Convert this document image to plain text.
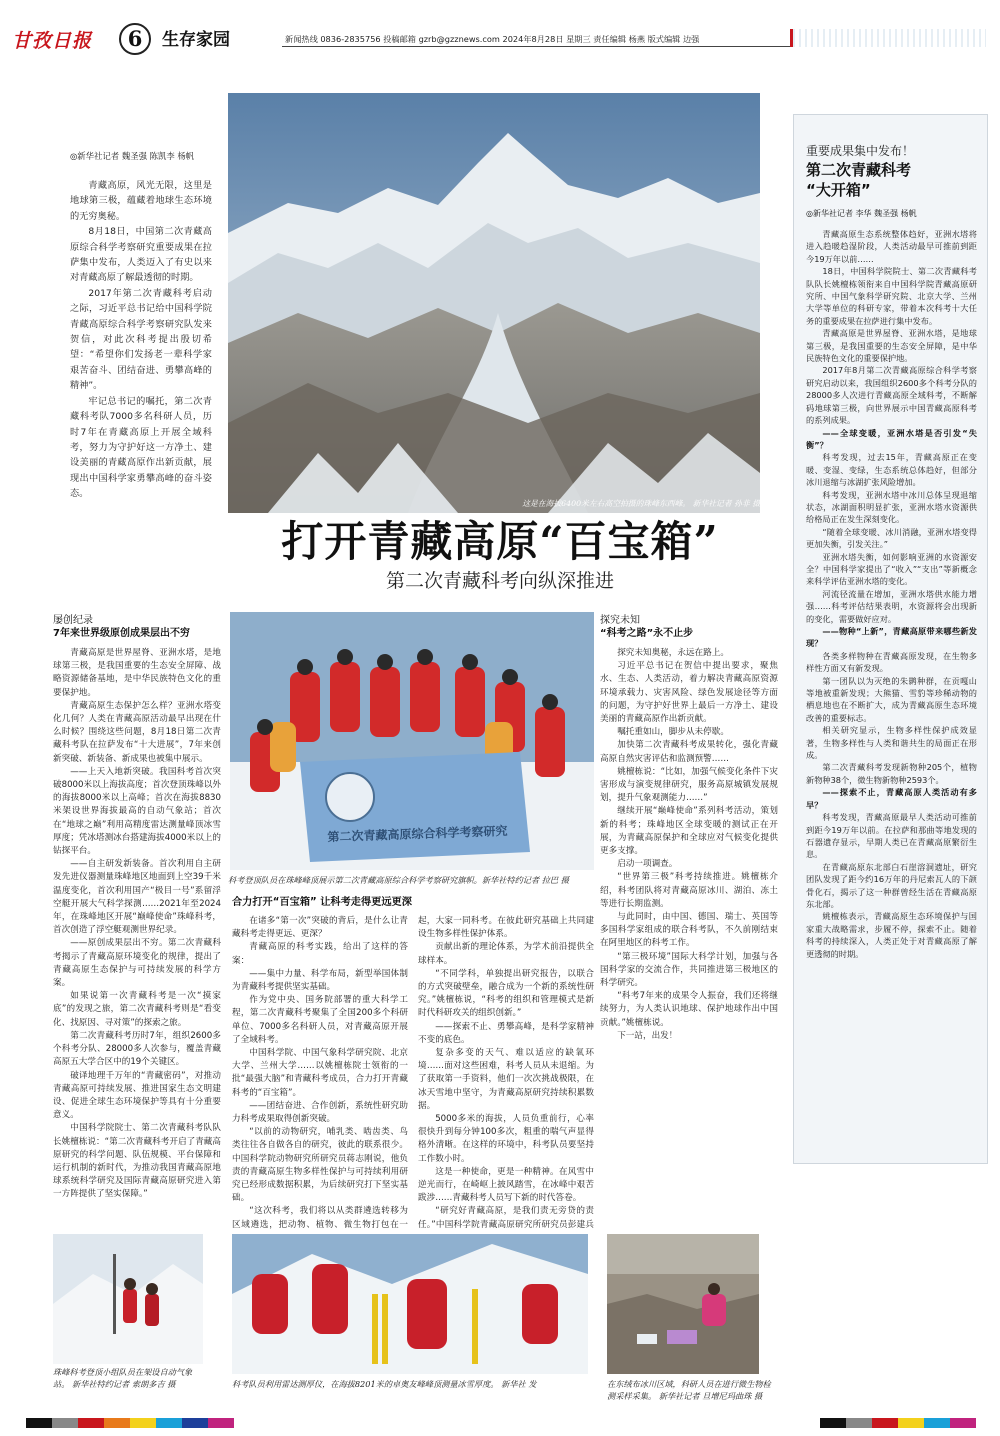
甘孜日报	6	生存家园	新闻热线 0836-2835756 投稿邮箱 gzrb@gzznews.com 2024年8月28日 星期三 责任编辑 杨燕 版式编辑 边强
◎新华社记者 魏圣强 陈凯李 杨帆

青藏高原，风光无限，这里是地球第三极，蕴藏着地球生态环境的无穷奥秘。

8月18日，中国第二次青藏高原综合科学考察研究重要成果在拉萨集中发布，人类迈入了有史以来对青藏高原了解最透彻的时期。

2017年第二次青藏科考启动之际，习近平总书记给中国科学院青藏高原综合科学考察研究队发来贺信，对此次科考提出殷切希望：“希望你们发扬老一辈科学家艰苦奋斗、团结奋进、勇攀高峰的精神”。

牢记总书记的嘱托，第二次青藏科考队7000多名科研人员，历时7年在青藏高原上开展全域科考，努力为守护好这一方净土、建设美丽的青藏高原作出新贡献，展现出中国科学家勇攀高峰的奋斗姿态。

这是在海拔6400米左右高空拍摄的珠峰东西峰。 新华社记者 孙非 摄
打开青藏高原“百宝箱”
第二次青藏科考向纵深推进
重要成果集中发布！
第二次青藏科考
“大开箱”
◎新华社记者 李华 魏圣强 杨帆

青藏高原生态系统整体趋好，亚洲水塔将进入趋暖趋湿阶段，人类活动最早可推前到距今19万年以前……

18日，中国科学院院士、第二次青藏科考队队长姚檀栋领衔来自中国科学院青藏高原研究所、中国气象科学研究院、北京大学、兰州大学等单位的科研专家，带着本次科考十大任务的重要成果在拉萨进行集中发布。

青藏高原是世界屋脊、亚洲水塔，是地球第三极，是我国重要的生态安全屏障，是中华民族特色文化的重要保护地。

2017年8月第二次青藏高原综合科学考察研究启动以来，我国组织2600多个科考分队的28000多人次进行青藏高原全域科考，不断解码地球第三极，向世界展示中国青藏高原科考的系列成果。

——全球变暖，亚洲水塔是否引发“失衡”？

科考发现，过去15年，青藏高原正在变暖、变湿、变绿，生态系统总体趋好，但部分冰川退缩与冰湖扩张风险增加。

科考发现，亚洲水塔中冰川总体呈现退缩状态，冰湖面积明显扩张，亚洲水塔水资源供给格局正在发生深刻变化。

“随着全球变暖、冰川消融，亚洲水塔变得更加失衡，引发关注。”

亚洲水塔失衡，如何影响亚洲的水资源安全？中国科学家提出了“收入”“支出”等新概念来科学评估亚洲水塔的变化。

河流径流量在增加，亚洲水塔供水能力增强……科考评估结果表明，水资源将会出现新的变化，需要做好应对。

——物种“上新”，青藏高原带来哪些新发现？

各类多样物种在青藏高原发现，在生物多样性方面又有新发现。

第一团队以为灭绝的朱鹮种群，在贡嘎山等地被重新发现；大熊猫、雪豹等珍稀动物的栖息地也在不断扩大，成为青藏高原生态环境改善的重要标志。

相关研究显示，生物多样性保护成效显著，生物多样性与人类和谐共生的局面正在形成。

第二次青藏科考发现新物种205个，植物新物种38个，微生物新物种2593个。

——探索不止，青藏高原人类活动有多早？

科考发现，青藏高原最早人类活动可推前到距今19万年以前。在拉萨和那曲等地发现的石器遗存显示，早期人类已在青藏高原繁衍生息。

在青藏高原东北部白石崖溶洞遗址，研究团队发现了距今约16万年的丹尼索瓦人的下颌骨化石，揭示了这一种群曾经生活在青藏高原东北部。

姚檀栋表示，青藏高原生态环境保护与国家重大战略需求，步履不停，探索不止。随着科考的持续深入，人类正处于对青藏高原了解更透彻的时期。

屡创纪录
7年来世界级原创成果层出不穷

青藏高原是世界屋脊、亚洲水塔，是地球第三极，是我国重要的生态安全屏障、战略资源储备基地，是中华民族特色文化的重要保护地。

青藏高原生态保护怎么样？亚洲水塔变化几何？人类在青藏高原活动最早出现在什么时候？围绕这些问题，8月18日第二次青藏科考队在拉萨发布“十大进展”，7年来创新突破、新装备、新成果也被集中展示。

——上天入地新突破。我国科考首次突破8000米以上海拔高度；首次登顶珠峰以外的海拔8000米以上高峰；首次在海拔8830米架设世界海拔最高的自动气象站；首次在“地球之巅”利用高精度雷达测量峰顶冰雪厚度；凭冰塔测冰台搭建海拔4000米以上的钻探平台。

——自主研发新装备。首次利用自主研发先进仪器测量珠峰地区地面到上空39千米温度变化，首次利用国产“极目一号”系留浮空艇开展大气科学探测……2021年至2024年，在珠峰地区开展“巅峰使命”珠峰科考，首次创造了浮空艇观测世界纪录。

——原创成果层出不穷。第二次青藏科考揭示了青藏高原环境变化的规律，提出了青藏高原生态保护与可持续发展的科学方案。

如果说第一次青藏科考是一次“摸家底”的发现之旅，第二次青藏科考则是“看变化、找原因、寻对策”的探索之旅。

第二次青藏科考历时7年，组织2600多个科考分队、28000多人次参与，覆盖青藏高原五大学合区中的19个关键区。

破译地理千万年的“青藏密码”，对推动青藏高原可持续发展、推进国家生态文明建设、促进全球生态环境保护等具有十分重要意义。

中国科学院院士、第二次青藏科考队队长姚檀栋说：“第二次青藏科考开启了青藏高原研究的科学问题、队伍规模、平台保障和运行机制的新时代，为推动我国青藏高原地球系统科学研究及国际青藏高原研究进入第一方阵提供了坚实保障。”

珠峰科考登顶小组队员在架设自动气象站。 新华社特约记者 索朗多吉 摄
第二次青藏高原综合科学考察研究
科考登顶队员在珠峰峰顶展示第二次青藏高原综合科学考察研究旗帜。新华社特约记者 拉巴 摄
合力打开“百宝箱” 让科考走得更远更深

在诸多“第一次”突破的背后，是什么让青藏科考走得更远、更深？

青藏高原的科考实践，给出了这样的答案：

——集中力量、科学布局，新型举国体制为青藏科考提供坚实基础。

作为党中央、国务院部署的重大科学工程，第二次青藏科考聚集了全国200多个科研单位、7000多名科研人员，对青藏高原开展了全域科考。

中国科学院、中国气象科学研究院、北京大学、兰州大学……以姚檀栋院士领衔的一批“最强大脑”和青藏科考成员，合力打开青藏科考的“百宝箱”。

——团结奋进、合作创新，系统性研究助力科考成果取得创新突破。

“以前的动物研究，哺乳类、啮齿类、鸟类往往各自做各自的研究，彼此的联系很少。中国科学院动物研究所研究员蒋志刚说，他负责的青藏高原生物多样性保护与可持续利用研究已经形成数据积累，为后续研究打下坚实基础。

“这次科考，我们将以从类群遴选转移为区域遴选，把动物、植物、微生物打包在一起，大家一同科考。在彼此研究基础上共同建设生物多样性保护体系。

贡献出新的理论体系，为学术前沿提供全球样本。

“不同学科，单独提出研究报告，以联合的方式突破壁垒，融合成为一个新的系统性研究。”姚檀栋说，“科考的组织和管理模式是新时代科研攻关的组织创新。”

——探索不止、勇攀高峰，是科学家精神不变的底色。

复杂多变的天气、难以适应的缺氧环境……面对这些困难，科考人员从未退缩。为了获取第一手资料，他们一次次挑战极限，在冰天雪地中坚守，为青藏高原研究持续积累数据。

5000多米的海拔，人员负重前行，心率很快升到每分钟100多次，粗重的喘气声显得格外清晰。在这样的环境中，科考队员要坚持工作数小时。

这是一种使命，更是一种精神。在风雪中逆光而行，在崎岖上披风踏雪，在冰峰中艰苦跋涉……青藏科考人员写下新的时代答卷。

“研究好青藏高原，是我们责无旁贷的责任。”中国科学院青藏高原研究所研究员彭建兵

科考队员利用雷达测厚仪，在海拔8201米的卓奥友峰峰顶测量冰雪厚度。 新华社 发
探究未知
“科考之路”永不止步

探究未知奥秘，永远在路上。

习近平总书记在贺信中提出要求，聚焦水、生态、人类活动，着力解决青藏高原资源环境承载力、灾害风险、绿色发展途径等方面的问题，为守护好世界上最后一方净土、建设美丽的青藏高原作出新贡献。

嘱托重如山，脚步从未停歇。

加快第二次青藏科考成果转化，强化青藏高原自然灾害评估和监测预警……

姚檀栋说：“比如，加强气候变化条件下灾害形成与演变规律研究，服务高原城镇发展规划，提升气象观测能力……”

继续开展“巅峰使命”系列科考活动，策划新的科考；珠峰地区全球变暖的测试正在开展，为青藏高原保护和全球应对气候变化提供更多支撑。

启动一项调查。

“世界第三极”科考持续推进。姚檀栋介绍，科考团队将对青藏高原冰川、湖泊、冻土等进行长期监测。

与此同时，由中国、德国、瑞士、英国等多国科学家组成的联合科考队，不久前刚结束在阿里地区的科考工作。

“第三极环境”国际大科学计划，加强与各国科学家的交流合作，共同推进第三极地区的科学研究。

“科考7年来的成果令人振奋，我们还将继续努力，为人类认识地球、保护地球作出中国贡献。”姚檀栋说。

下一站，出发！

在东绒布冰川区域，科研人员在进行微生物检测采样采集。 新华社记者 旦增尼玛曲珠 摄
